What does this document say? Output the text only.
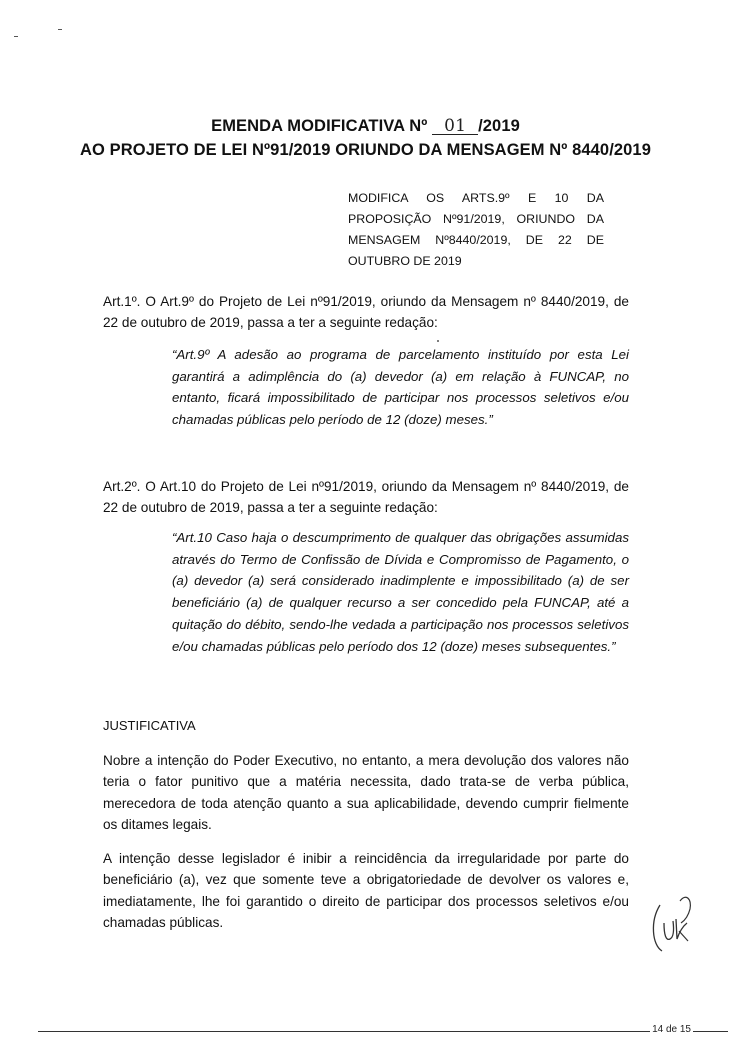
EMENDA MODIFICATIVA Nº 01 /2019
AO PROJETO DE LEI Nº91/2019 ORIUNDO DA MENSAGEM Nº 8440/2019
MODIFICA OS ARTS.9º E 10 DA PROPOSIÇÃO Nº91/2019, ORIUNDO DA MENSAGEM Nº8440/2019, DE 22 DE OUTUBRO DE 2019
Art.1º. O Art.9º do Projeto de Lei nº91/2019, oriundo da Mensagem nº 8440/2019, de 22 de outubro de 2019, passa a ter a seguinte redação:
“Art.9º A adesão ao programa de parcelamento instituído por esta Lei garantirá a adimplência do (a) devedor (a) em relação à FUNCAP, no entanto, ficará impossibilitado de participar nos processos seletivos e/ou chamadas públicas pelo período de 12 (doze) meses.”
Art.2º. O Art.10 do Projeto de Lei nº91/2019, oriundo da Mensagem nº 8440/2019, de 22 de outubro de 2019, passa a ter a seguinte redação:
“Art.10 Caso haja o descumprimento de qualquer das obrigações assumidas através do Termo de Confissão de Dívida e Compromisso de Pagamento, o (a) devedor (a) será considerado inadimplente e impossibilitado (a) de ser beneficiário (a) de qualquer recurso a ser concedido pela FUNCAP, até a quitação do débito, sendo-lhe vedada a participação nos processos seletivos e/ou chamadas públicas pelo período dos 12 (doze) meses subsequentes.”
JUSTIFICATIVA
Nobre a intenção do Poder Executivo, no entanto, a mera devolução dos valores não teria o fator punitivo que a matéria necessita, dado trata-se de verba pública, merecedora de toda atenção quanto a sua aplicabilidade, devendo cumprir fielmente os ditames legais.
A intenção desse legislador é inibir a reincidência da irregularidade por parte do beneficiário (a), vez que somente teve a obrigatoriedade de devolver os valores e, imediatamente, lhe foi garantido o direito de participar dos processos seletivos e/ou chamadas públicas.
14 de 15
